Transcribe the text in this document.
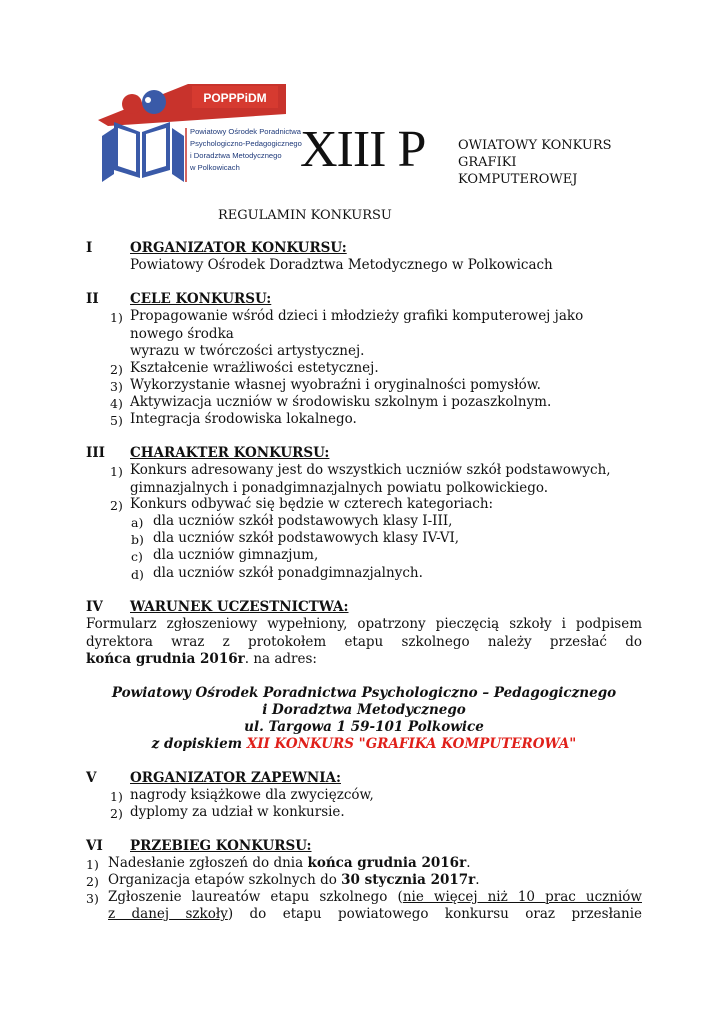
POPPPiDM
Powiatowy Ośrodek Poradnictwa Psychologiczno-Pedagogicznego i Doradztwa Metodycznego w Polkowicach	XIII P	OWIATOWY KONKURS
GRAFIKI
KOMPUTEROWEJ
REGULAMIN KONKURSU
I	ORGANIZATOR KONKURSU:
Powiatowy Ośrodek Doradztwa Metodycznego w Polkowicach
II CELE KONKURSU:
1) Propagowanie wśród dzieci i młodzieży grafiki komputerowej jako
nowego środka
wyrazu w twórczości artystycznej.
2) Kształcenie wrażliwości estetycznej.
3) Wykorzystanie własnej wyobraźni i oryginalności pomysłów.
4) Aktywizacja uczniów w środowisku szkolnym i pozaszkolnym.
5) Integracja środowiska lokalnego.
III CHARAKTER KONKURSU:
1) Konkurs adresowany jest do wszystkich uczniów szkół podstawowych,
gimnazjalnych i ponadgimnazjalnych powiatu polkowickiego.
2) Konkurs odbywać się będzie w czterech kategoriach:
a) dla uczniów szkół podstawowych klasy I-III,
b) dla uczniów szkół podstawowych klasy IV-VI,
c) dla uczniów gimnazjum,
d) dla uczniów szkół ponadgimnazjalnych.
IV WARUNEK UCZESTNICTWA:
Formularz zgłoszeniowy wypełniony, opatrzony pieczęcią szkoły i podpisem
dyrektora wraz z protokołem etapu szkolnego należy przesłać do
końca grudnia 2016r. na adres:
Powiatowy Ośrodek Poradnictwa Psychologiczno – Pedagogicznego
i Doradztwa Metodycznego
ul. Targowa 1 59-101 Polkowice
z dopiskiem XII KONKURS "GRAFIKA KOMPUTEROWA"
V ORGANIZATOR ZAPEWNIA:
1) nagrody książkowe dla zwycięzców,
2) dyplomy za udział w konkursie.
VI PRZEBIEG KONKURSU:
1) Nadesłanie zgłoszeń do dnia końca grudnia 2016r.
2) Organizacja etapów szkolnych do 30 stycznia 2017r.
3) Zgłoszenie laureatów etapu szkolnego (nie więcej niż 10 prac uczniów
z danej szkoły) do etapu powiatowego konkursu oraz przesłanie
